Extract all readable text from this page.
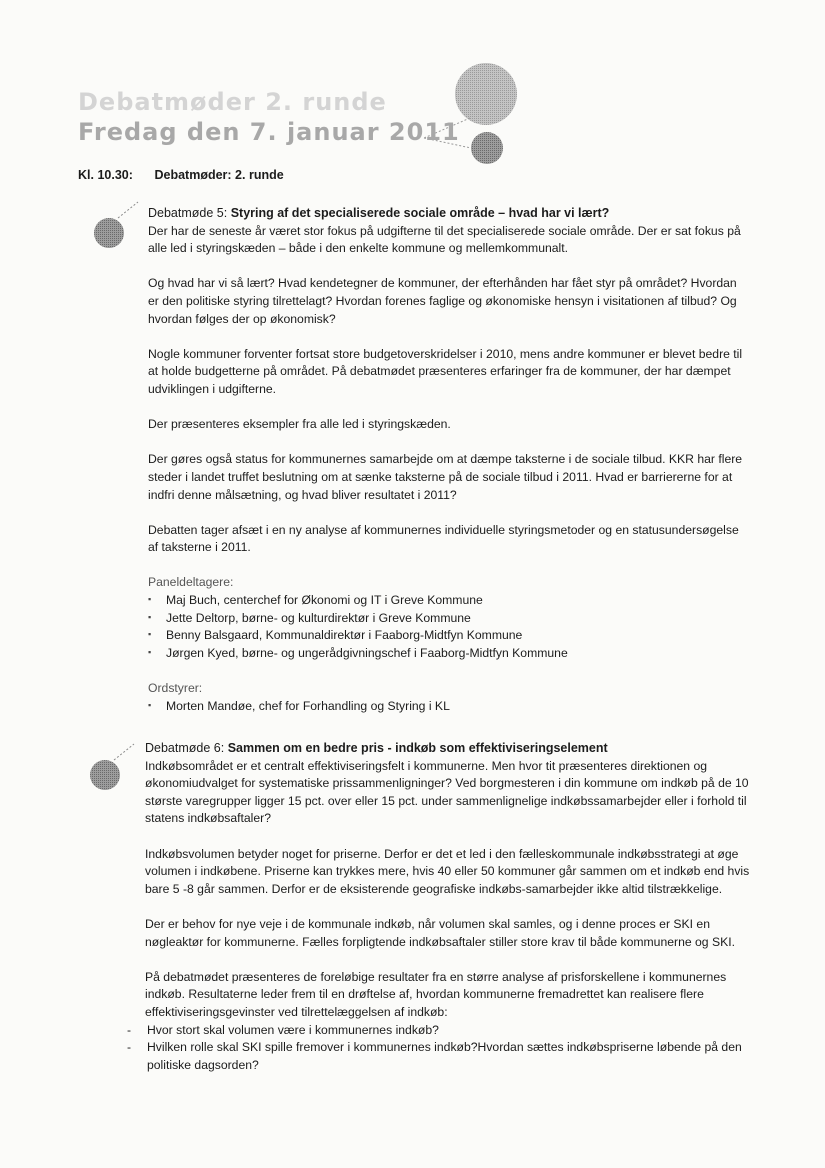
Debatmøder 2. runde
Fredag den 7. januar 2011
Kl. 10.30: Debatmøder: 2. runde
Debatmøde 5: Styring af det specialiserede sociale område – hvad har vi lært?

Der har de seneste år været stor fokus på udgifterne til det specialiserede sociale område. Der er sat fokus på alle led i styringskæden – både i den enkelte kommune og mellemkommunalt.

Og hvad har vi så lært? Hvad kendetegner de kommuner, der efterhånden har fået styr på området? Hvordan er den politiske styring tilrettelagt? Hvordan forenes faglige og økonomiske hensyn i visitationen af tilbud? Og hvordan følges der op økonomisk?

Nogle kommuner forventer fortsat store budgetoverskridelser i 2010, mens andre kommuner er blevet bedre til at holde budgetterne på området. På debatmødet præsenteres erfaringer fra de kommuner, der har dæmpet udviklingen i udgifterne.

Der præsenteres eksempler fra alle led i styringskæden.

Der gøres også status for kommunernes samarbejde om at dæmpe taksterne i de sociale tilbud. KKR har flere steder i landet truffet beslutning om at sænke taksterne på de sociale tilbud i 2011. Hvad er barriererne for at indfri denne målsætning, og hvad bliver resultatet i 2011?

Debatten tager afsæt i en ny analyse af kommunernes individuelle styringsmetoder og en statusundersøgelse af taksterne i 2011.

Paneldeltagere:
▪ Maj Buch, centerchef for Økonomi og IT i Greve Kommune
▪ Jette Deltorp, børne- og kulturdirektør i Greve Kommune
▪ Benny Balsgaard, Kommunaldirektør i Faaborg-Midtfyn Kommune
▪ Jørgen Kyed, børne- og ungerådgivningschef i Faaborg-Midtfyn Kommune
Ordstyrer:
▪ Morten Mandøe, chef for Forhandling og Styring i KL
Debatmøde 6: Sammen om en bedre pris - indkøb som effektiviseringselement

Indkøbsområdet er et centralt effektiviseringsfelt i kommunerne. Men hvor tit præsenteres direktionen og økonomiudvalget for systematiske prissammenligninger? Ved borgmesteren i din kommune om indkøb på de 10 største varegrupper ligger 15 pct. over eller 15 pct. under sammenlignelige indkøbssamarbejder eller i forhold til statens indkøbsaftaler?

Indkøbsvolumen betyder noget for priserne. Derfor er det et led i den fælleskommunale indkøbsstrategi at øge volumen i indkøbene. Priserne kan trykkes mere, hvis 40 eller 50 kommuner går sammen om et indkøb end hvis bare 5 -8 går sammen. Derfor er de eksisterende geografiske indkøbs-samarbejder ikke altid tilstrækkelige.

Der er behov for nye veje i de kommunale indkøb, når volumen skal samles, og i denne proces er SKI en nøgleaktør for kommunerne. Fælles forpligtende indkøbsaftaler stiller store krav til både kommunerne og SKI.

På debatmødet præsenteres de foreløbige resultater fra en større analyse af prisforskellene i kommunernes indkøb. Resultaterne leder frem til en drøftelse af, hvordan kommunerne fremadrettet kan realisere flere effektiviseringsgevinster ved tilrettelæggelsen af indkøb:

- Hvor stort skal volumen være i kommunernes indkøb?
- Hvilken rolle skal SKI spille fremover i kommunernes indkøb?Hvordan sættes indkøbspriserne løbende på den politiske dagsorden?
